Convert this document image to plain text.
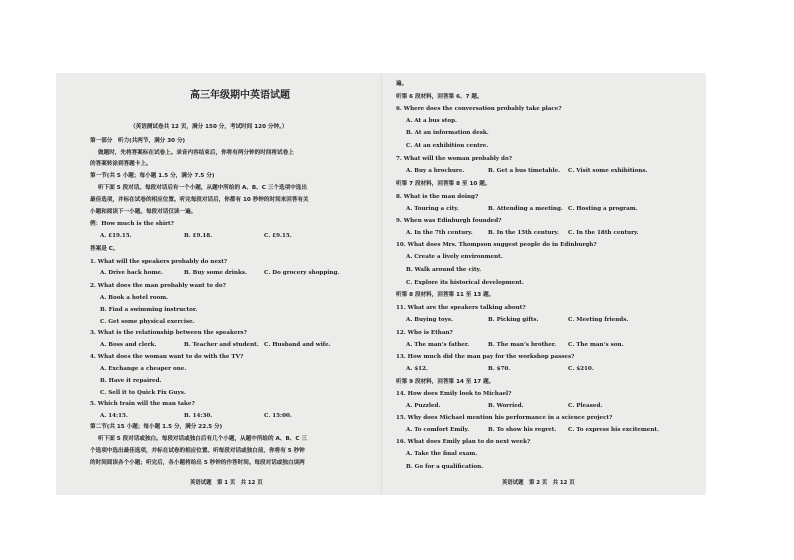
高三年级期中英语试题
（英语测试卷共 12 页，满分 150 分，考试时间 120 分钟。）
第一部分　听力(共两节，满分 30 分)
做题时，先将答案标在试卷上。录音内容结束后，你将有两分钟的时间将试卷上
的答案转涂到答题卡上。
第一节(共 5 小题；每小题 1.5 分，满分 7.5 分)
听下面 5 段对话。每段对话后有一个小题，从题中所给的 A、B、C 三个选项中选出
最佳选项，并标在试卷的相应位置。听完每段对话后，你都有 10 秒钟的时间来回答有关
小题和阅读下一小题。每段对话仅读一遍。
例：How much is the shirt?
A. £19.15.	B. £9.18.	C. £9.15.
答案是 C。
1. What will the speakers probably do next?
A. Drive back home.	B. Buy some drinks.	C. Do grocery shopping.
2. What does the man probably want to do?
A. Book a hotel room.
B. Find a swimming instructor.
C. Get some physical exercise.
3. What is the relationship between the speakers?
A. Boss and clerk.	B. Teacher and student. C. Husband and wife.
4. What does the woman want to do with the TV?
A. Exchange a cheaper one.
B. Have it repaired.
C. Sell it to Quick Fix Guys.
5. Which train will the man take?
A. 14:15.	B. 14:30.	C. 15:00.
第二节(共 15 小题；每小题 1.5 分，满分 22.5 分)
听下面 5 段对话或独白。每段对话或独白后有几个小题，从题中所给的 A、B、C 三
个选项中选出最佳选项，并标在试卷的相应位置。听每段对话或独白前，你将有 5 秒钟
的时间阅读各个小题；听完后，各小题将给出 5 秒钟的作答时间。每段对话或独白读两
英语试题　第 1 页　共 12 页
遍。
听第 6 段材料，回答第 6、7 题。
6. Where does the conversation probably take place?
A. At a bus stop.
B. At an information desk.
C. At an exhibition centre.
7. What will the woman probably do?
A. Buy a brochure.	B. Get a bus timetable. C. Visit some exhibitions.
听第 7 段材料，回答第 8 至 10 题。
8. What is the man doing?
A. Touring a city.	B. Attending a meeting. C. Hosting a program.
9. When was Edinburgh founded?
A. In the 7th century.	B. In the 15th century. C. In the 18th century.
10. What does Mrs. Thompson suggest people do in Edinburgh?
A. Create a lively environment.
B. Walk around the city.
C. Explore its historical development.
听第 8 段材料，回答第 11 至 13 题。
11. What are the speakers talking about?
A. Buying toys.	B. Picking gifts.	C. Meeting friends.
12. Who is Ethan?
A. The man’s father.	B. The man’s brother. C. The man’s son.
13. How much did the man pay for the workshop passes?
A. $12.	B. $70.	C. $210.
听第 9 段材料，回答第 14 至 17 题。
14. How does Emily look to Michael?
A. Puzzled.	B. Worried.	C. Pleased.
15. Why does Michael mention his performance in a science project?
A. To comfort Emily.	B. To show his regret. C. To express his excitement.
16. What does Emily plan to do next week?
A. Take the final exam.
B. Go for a qualification.
英语试题　第 2 页　共 12 页
